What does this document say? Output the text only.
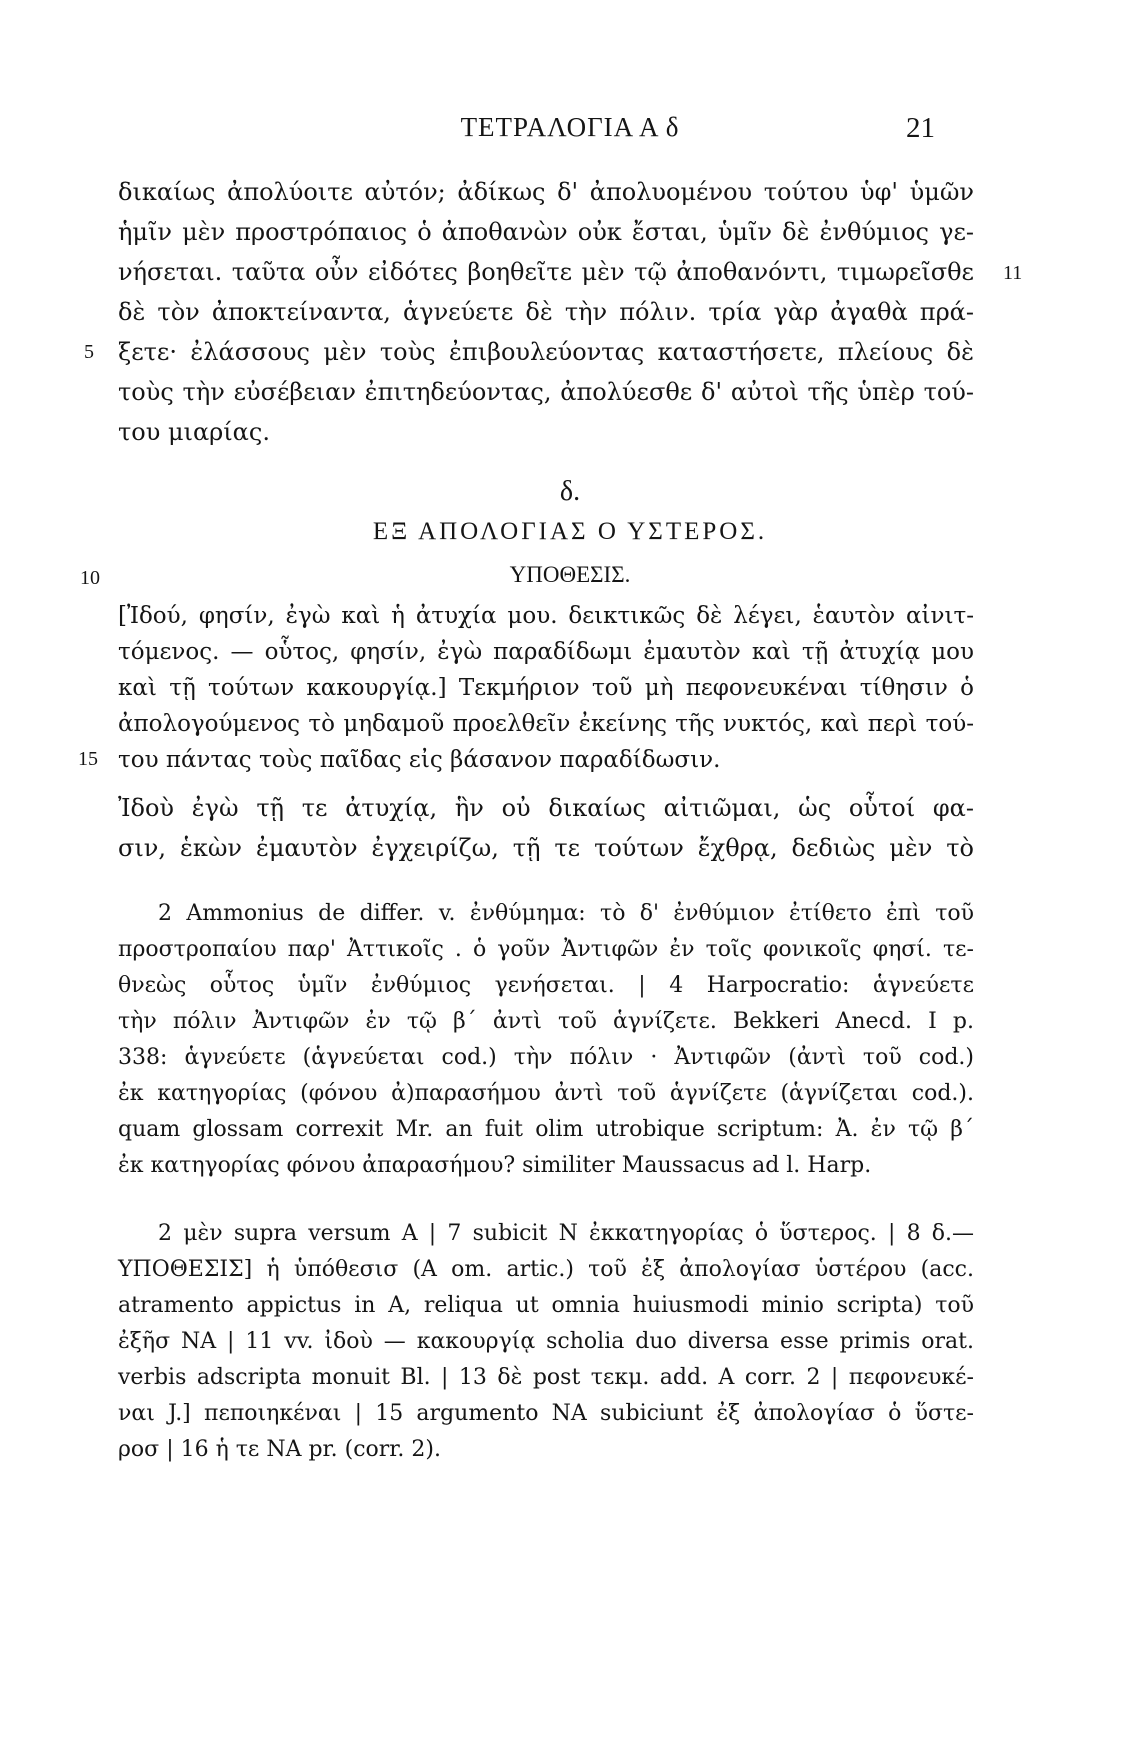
ΤΕΤΡΑΛΟΓΙΑ Α δ	21
δικαίως ἀπολύοιτε αὐτόν; ἀδίκως δ' ἀπολυομένου τούτου ὑφ' ὑμῶν
ἡμῖν μὲν προστρόπαιος ὁ ἀποθανὼν οὐκ ἔσται, ὑμῖν δὲ ἐνθύμιος γε-
νήσεται. ταῦτα οὖν εἰδότες βοηθεῖτε μὲν τῷ ἀποθανόντι, τιμωρεῖσθε
δὲ τὸν ἀποκτείναντα, ἁγνεύετε δὲ τὴν πόλιν. τρία γὰρ ἀγαθὰ πρά-
ξετε· ἐλάσσους μὲν τοὺς ἐπιβουλεύοντας καταστήσετε, πλείους δὲ
τοὺς τὴν εὐσέβειαν ἐπιτηδεύοντας, ἀπολύεσθε δ' αὐτοὶ τῆς ὑπὲρ τού-
του μιαρίας.
11
5
δ.
ΕΞ ΑΠΟΛΟΓΙΑΣ Ο ΥΣΤΕΡΟΣ.
ΥΠΟΘΕΣΙΣ.
10
[Ἰδού, φησίν, ἐγὼ καὶ ἡ ἀτυχία μου. δεικτικῶς δὲ λέγει, ἑαυτὸν αἰνιτ-
τόμενος. — οὗτος, φησίν, ἐγὼ παραδίδωμι ἐμαυτὸν καὶ τῇ ἀτυχίᾳ μου
καὶ τῇ τούτων κακουργίᾳ.] Τεκμήριον τοῦ μὴ πεφονευκέναι τίθησιν ὁ
ἀπολογούμενος τὸ μηδαμοῦ προελθεῖν ἐκείνης τῆς νυκτός, καὶ περὶ τού-
του πάντας τοὺς παῖδας εἰς βάσανον παραδίδωσιν.
15
Ἰδοὺ ἐγὼ τῇ τε ἀτυχίᾳ, ἣν οὐ δικαίως αἰτιῶμαι, ὡς οὗτοί φα-
σιν, ἑκὼν ἐμαυτὸν ἐγχειρίζω, τῇ τε τούτων ἔχθρᾳ, δεδιὼς μὲν τὸ
2 Ammonius de differ. v. ἐνθύμημα: τὸ δ' ἐνθύμιον ἐτίθετο ἐπὶ τοῦ
προστροπαίου παρ' Ἀττικοῖς . ὁ γοῦν Ἀντιφῶν ἐν τοῖς φονικοῖς φησί. τε-
θνεὼς οὗτος ὑμῖν ἐνθύμιος γενήσεται. | 4 Harpocratio: ἁγνεύετε
τὴν πόλιν Ἀντιφῶν ἐν τῷ β΄ ἀντὶ τοῦ ἁγνίζετε. Bekkeri Anecd. I p.
338: ἁγνεύετε (ἁγνεύεται cod.) τὴν πόλιν · Ἀντιφῶν (ἀντὶ τοῦ cod.)
ἐκ κατηγορίας (φόνου ἀ)παρασήμου ἀντὶ τοῦ ἁγνίζετε (ἁγνίζεται cod.).
quam glossam correxit Mr. an fuit olim utrobique scriptum: Ἀ. ἐν τῷ β΄
ἐκ κατηγορίας φόνου ἀπαρασήμου? similiter Maussacus ad l. Harp.
2 μὲν supra versum A | 7 subicit N ἐκκατηγορίας ὁ ὕστερος. | 8 δ.—
ΥΠΟΘΕΣΙΣ] ἡ ὑπόθεσισ (A om. artic.) τοῦ ἐξ ἀπολογίασ ὑστέρου (acc.
atramento appictus in A, reliqua ut omnia huiusmodi minio scripta) τοῦ
ἐξῆσ NA | 11 vv. ἰδοὺ — κακουργίᾳ scholia duo diversa esse primis orat.
verbis adscripta monuit Bl. | 13 δὲ post τεκμ. add. A corr. 2 | πεφονευκέ-
ναι J.] πεποιηκέναι | 15 argumento NA subiciunt ἐξ ἀπολογίασ ὁ ὕστε-
ροσ | 16 ἡ τε NA pr. (corr. 2).
